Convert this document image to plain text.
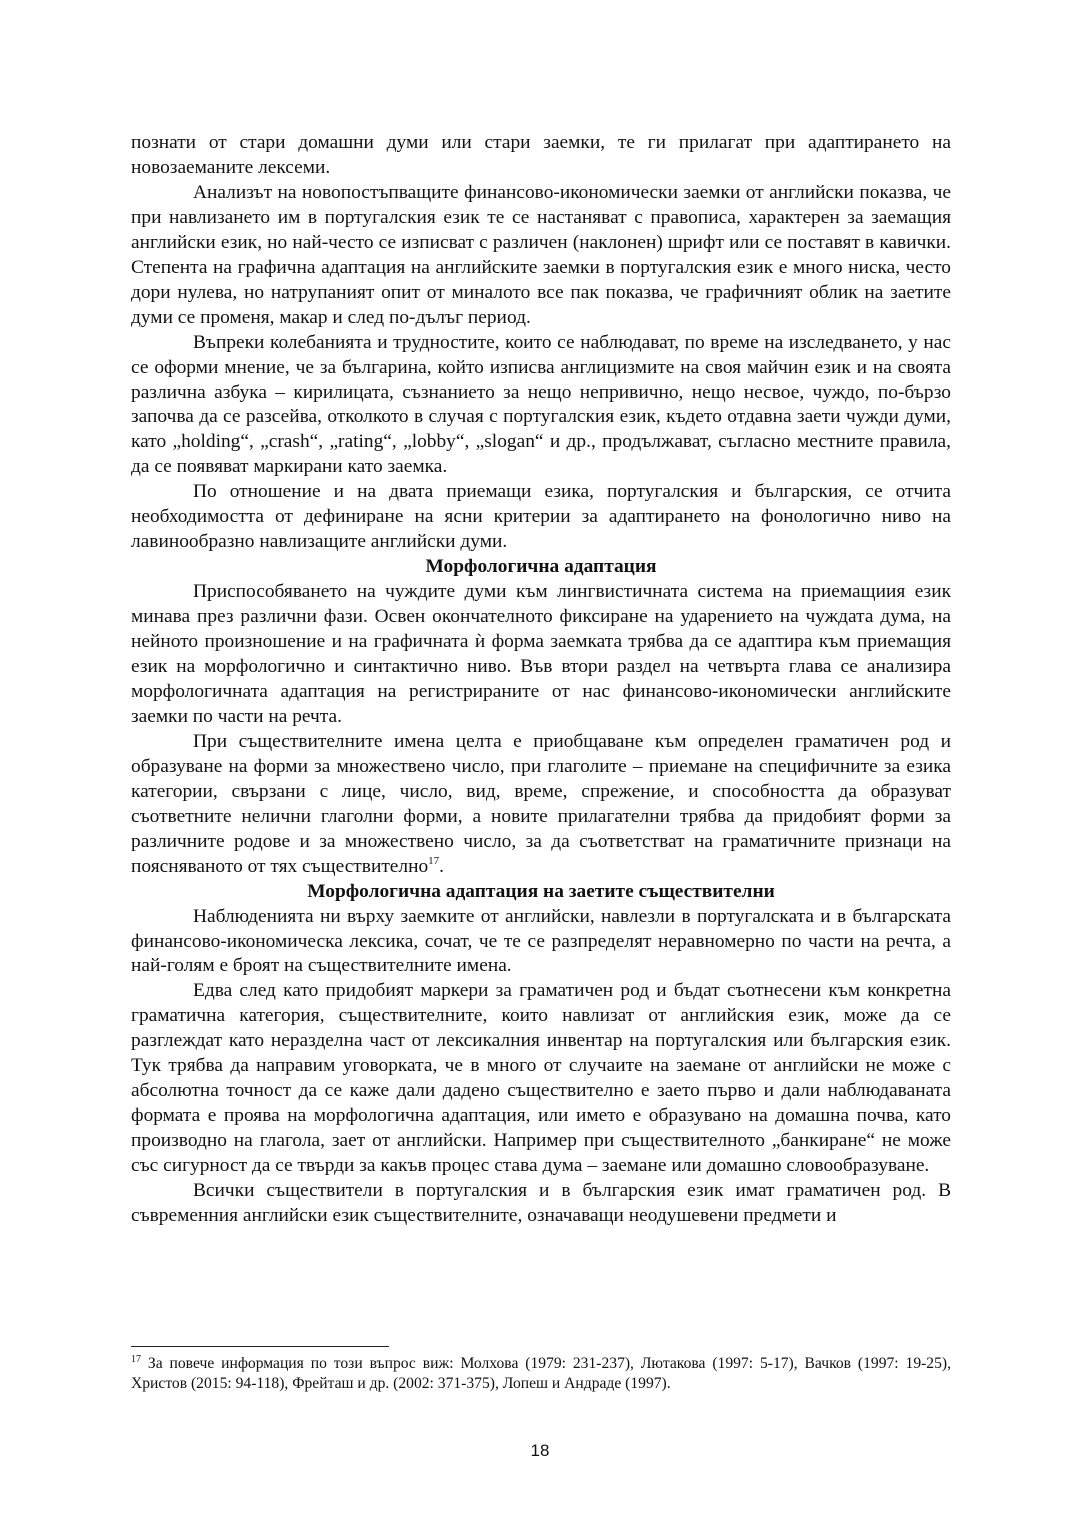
познати от стари домашни думи или стари заемки, те ги прилагат при адаптирането на новозаеманите лексеми.

Анализът на новопостъпващите финансово-икономически заемки от английски показва, че при навлизането им в португалския език те се настаняват с правописа, характерен за заемащия английски език, но най-често се изписват с различен (наклонен) шрифт или се поставят в кавички. Степента на графична адаптация на английските заемки в португалския език е много ниска, често дори нулева, но натрупаният опит от миналото все пак показва, че графичният облик на заетите думи се променя, макар и след по-дълъг период.

Въпреки колебанията и трудностите, които се наблюдават, по време на изследването, у нас се оформи мнение, че за българина, който изписва англицизмите на своя майчин език и на своята различна азбука – кирилицата, съзнанието за нещо непривично, нещо несвое, чуждо, по-бързо започва да се разсейва, отколкото в случая с португалския език, където отдавна заети чужди думи, като „holding“, „crash“, „rating“, „lobby“, „slogan“ и др., продължават, съгласно местните правила, да се появяват маркирани като заемка.

По отношение и на двата приемащи езика, португалския и българския, се отчита необходимостта от дефиниране на ясни критерии за адаптирането на фонологично ниво на лавинообразно навлизащите английски думи.

Морфологична адаптация

Приспособяването на чуждите думи към лингвистичната система на приемащиия език минава през различни фази. Освен окончателното фиксиране на ударението на чуждата дума, на нейното произношение и на графичната ѝ форма заемката трябва да се адаптира към приемащия език на морфологично и синтактично ниво. Във втори раздел на четвърта глава се анализира морфологичната адаптация на регистрираните от нас финансово-икономически английските заемки по части на речта.

При съществителните имена целта е приобщаване към определен граматичен род и образуване на форми за множествено число, при глаголите – приемане на специфичните за езика категории, свързани с лице, число, вид, време, спрежение, и способността да образуват съответните нелични глаголни форми, а новите прилагателни трябва да придобият форми за различните родове и за множествено число, за да съответстват на граматичните признаци на поясняваното от тях съществително$^{17}$.

Морфологична адаптация на заетите съществителни

Наблюденията ни върху заемките от английски, навлезли в португалската и в българската финансово-икономическа лексика, сочат, че те се разпределят неравномерно по части на речта, а най-голям е броят на съществителните имена.

Едва след като придобият маркери за граматичен род и бъдат съотнесени към конкретна граматична категория, съществителните, които навлизат от английския език, може да се разглеждат като неразделна част от лексикалния инвентар на португалския или българския език. Тук трябва да направим уговорката, че в много от случаите на заемане от английски не може с абсолютна точност да се каже дали дадено съществително е заето първо и дали наблюдаваната формата е проява на морфологична адаптация, или името е образувано на домашна почва, като производно на глагола, зает от английски. Например при съществителното „банкиране“ не може със сигурност да се твърди за какъв процес става дума – заемане или домашно словообразуване.

Всички съществители в португалския и в българския език имат граматичен род. В съвременния английски език съществителните, означаващи неодушевени предмети и

$^{17}$ За повече информация по този въпрос виж: Молхова (1979: 231-237), Лютакова (1997: 5-17), Вачков (1997: 19-25), Христов (2015: 94-118), Фрейташ и др. (2002: 371-375), Лопеш и Андраде (1997).

18
